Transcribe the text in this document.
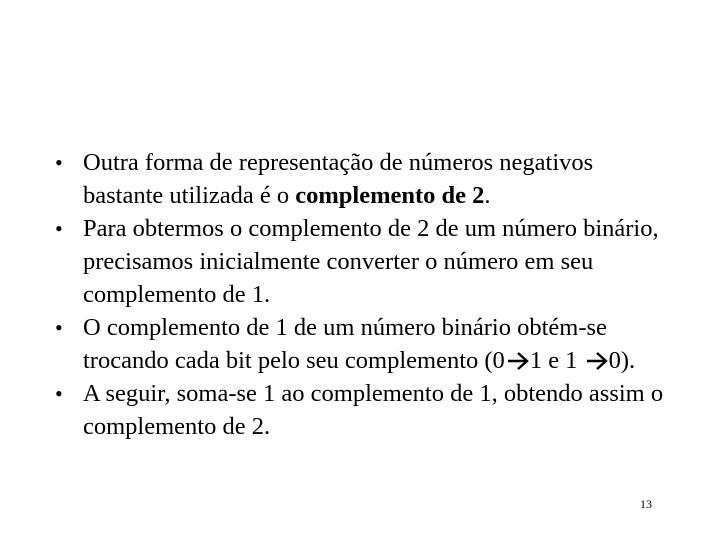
• Outra forma de representação de números negativos bastante utilizada é o complemento de 2.
• Para obtermos o complemento de 2 de um número binário, precisamos inicialmente converter o número em seu complemento de 1.
• O complemento de 1 de um número binário obtém-se trocando cada bit pelo seu complemento (0 1 e 1 0).
• A seguir, soma-se 1 ao complemento de 1, obtendo assim o complemento de 2.
13
